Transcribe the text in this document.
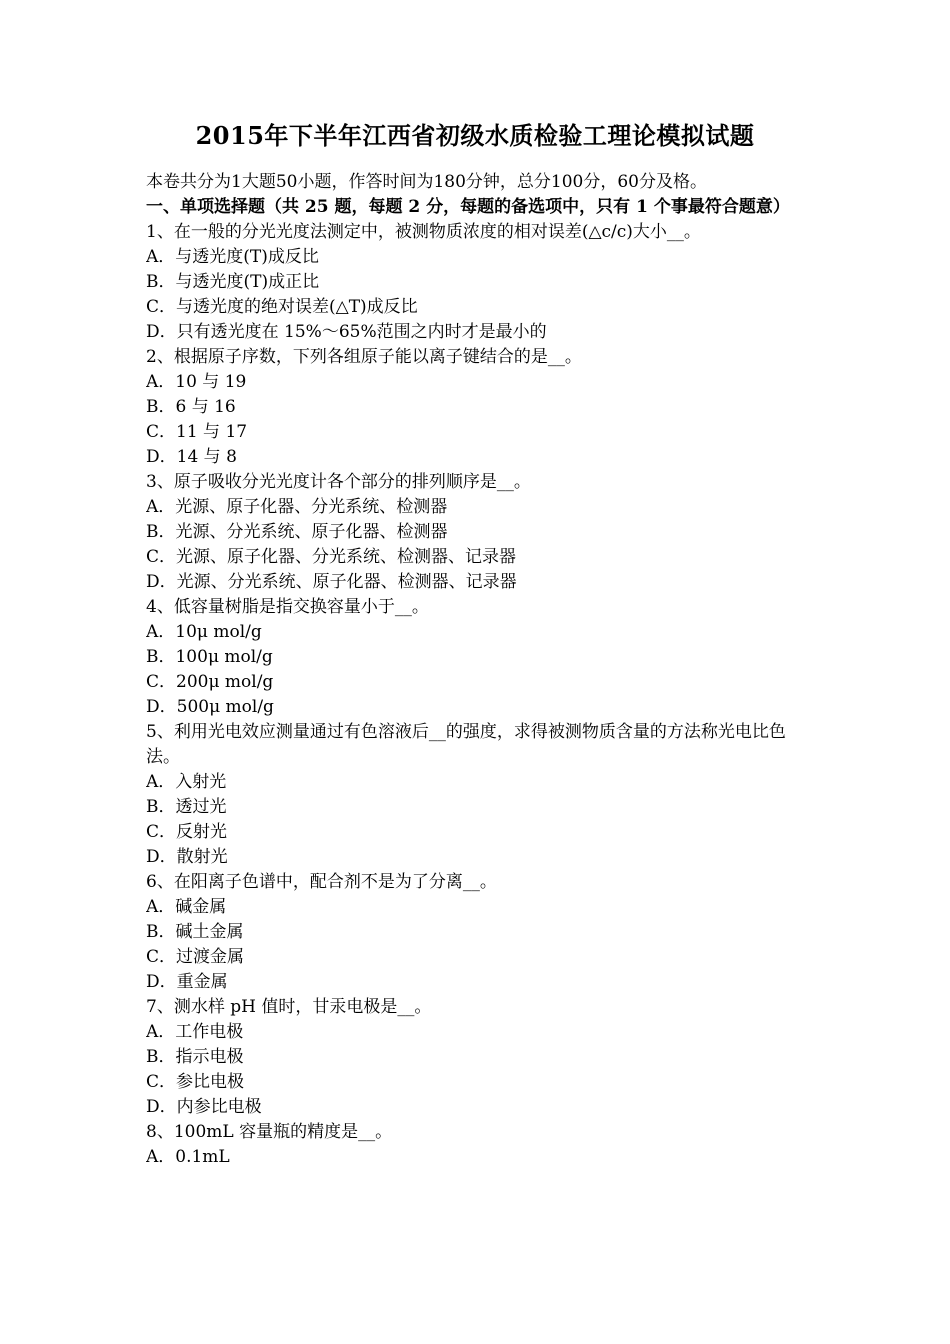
2015年下半年江西省初级水质检验工理论模拟试题
本卷共分为1大题50小题，作答时间为180分钟，总分100分，60分及格。
一、单项选择题（共 25 题，每题 2 分，每题的备选项中，只有 1 个事最符合题意）
1、在一般的分光光度法测定中，被测物质浓度的相对误差(△c/c)大小__。
A．与透光度(T)成反比
B．与透光度(T)成正比
C．与透光度的绝对误差(△T)成反比
D．只有透光度在 15%～65%范围之内时才是最小的
2、根据原子序数，下列各组原子能以离子键结合的是__。
A．10 与 19
B．6 与 16
C．11 与 17
D．14 与 8
3、原子吸收分光光度计各个部分的排列顺序是__。
A．光源、原子化器、分光系统、检测器
B．光源、分光系统、原子化器、检测器
C．光源、原子化器、分光系统、检测器、记录器
D．光源、分光系统、原子化器、检测器、记录器
4、低容量树脂是指交换容量小于__。
A．10μ mol/g
B．100μ mol/g
C．200μ mol/g
D．500μ mol/g
5、利用光电效应测量通过有色溶液后__的强度，求得被测物质含量的方法称光电比色法。
A．入射光
B．透过光
C．反射光
D．散射光
6、在阳离子色谱中，配合剂不是为了分离__。
A．碱金属
B．碱土金属
C．过渡金属
D．重金属
7、测水样 pH 值时，甘汞电极是__。
A．工作电极
B．指示电极
C．参比电极
D．内参比电极
8、100mL 容量瓶的精度是__。
A．0.1mL
